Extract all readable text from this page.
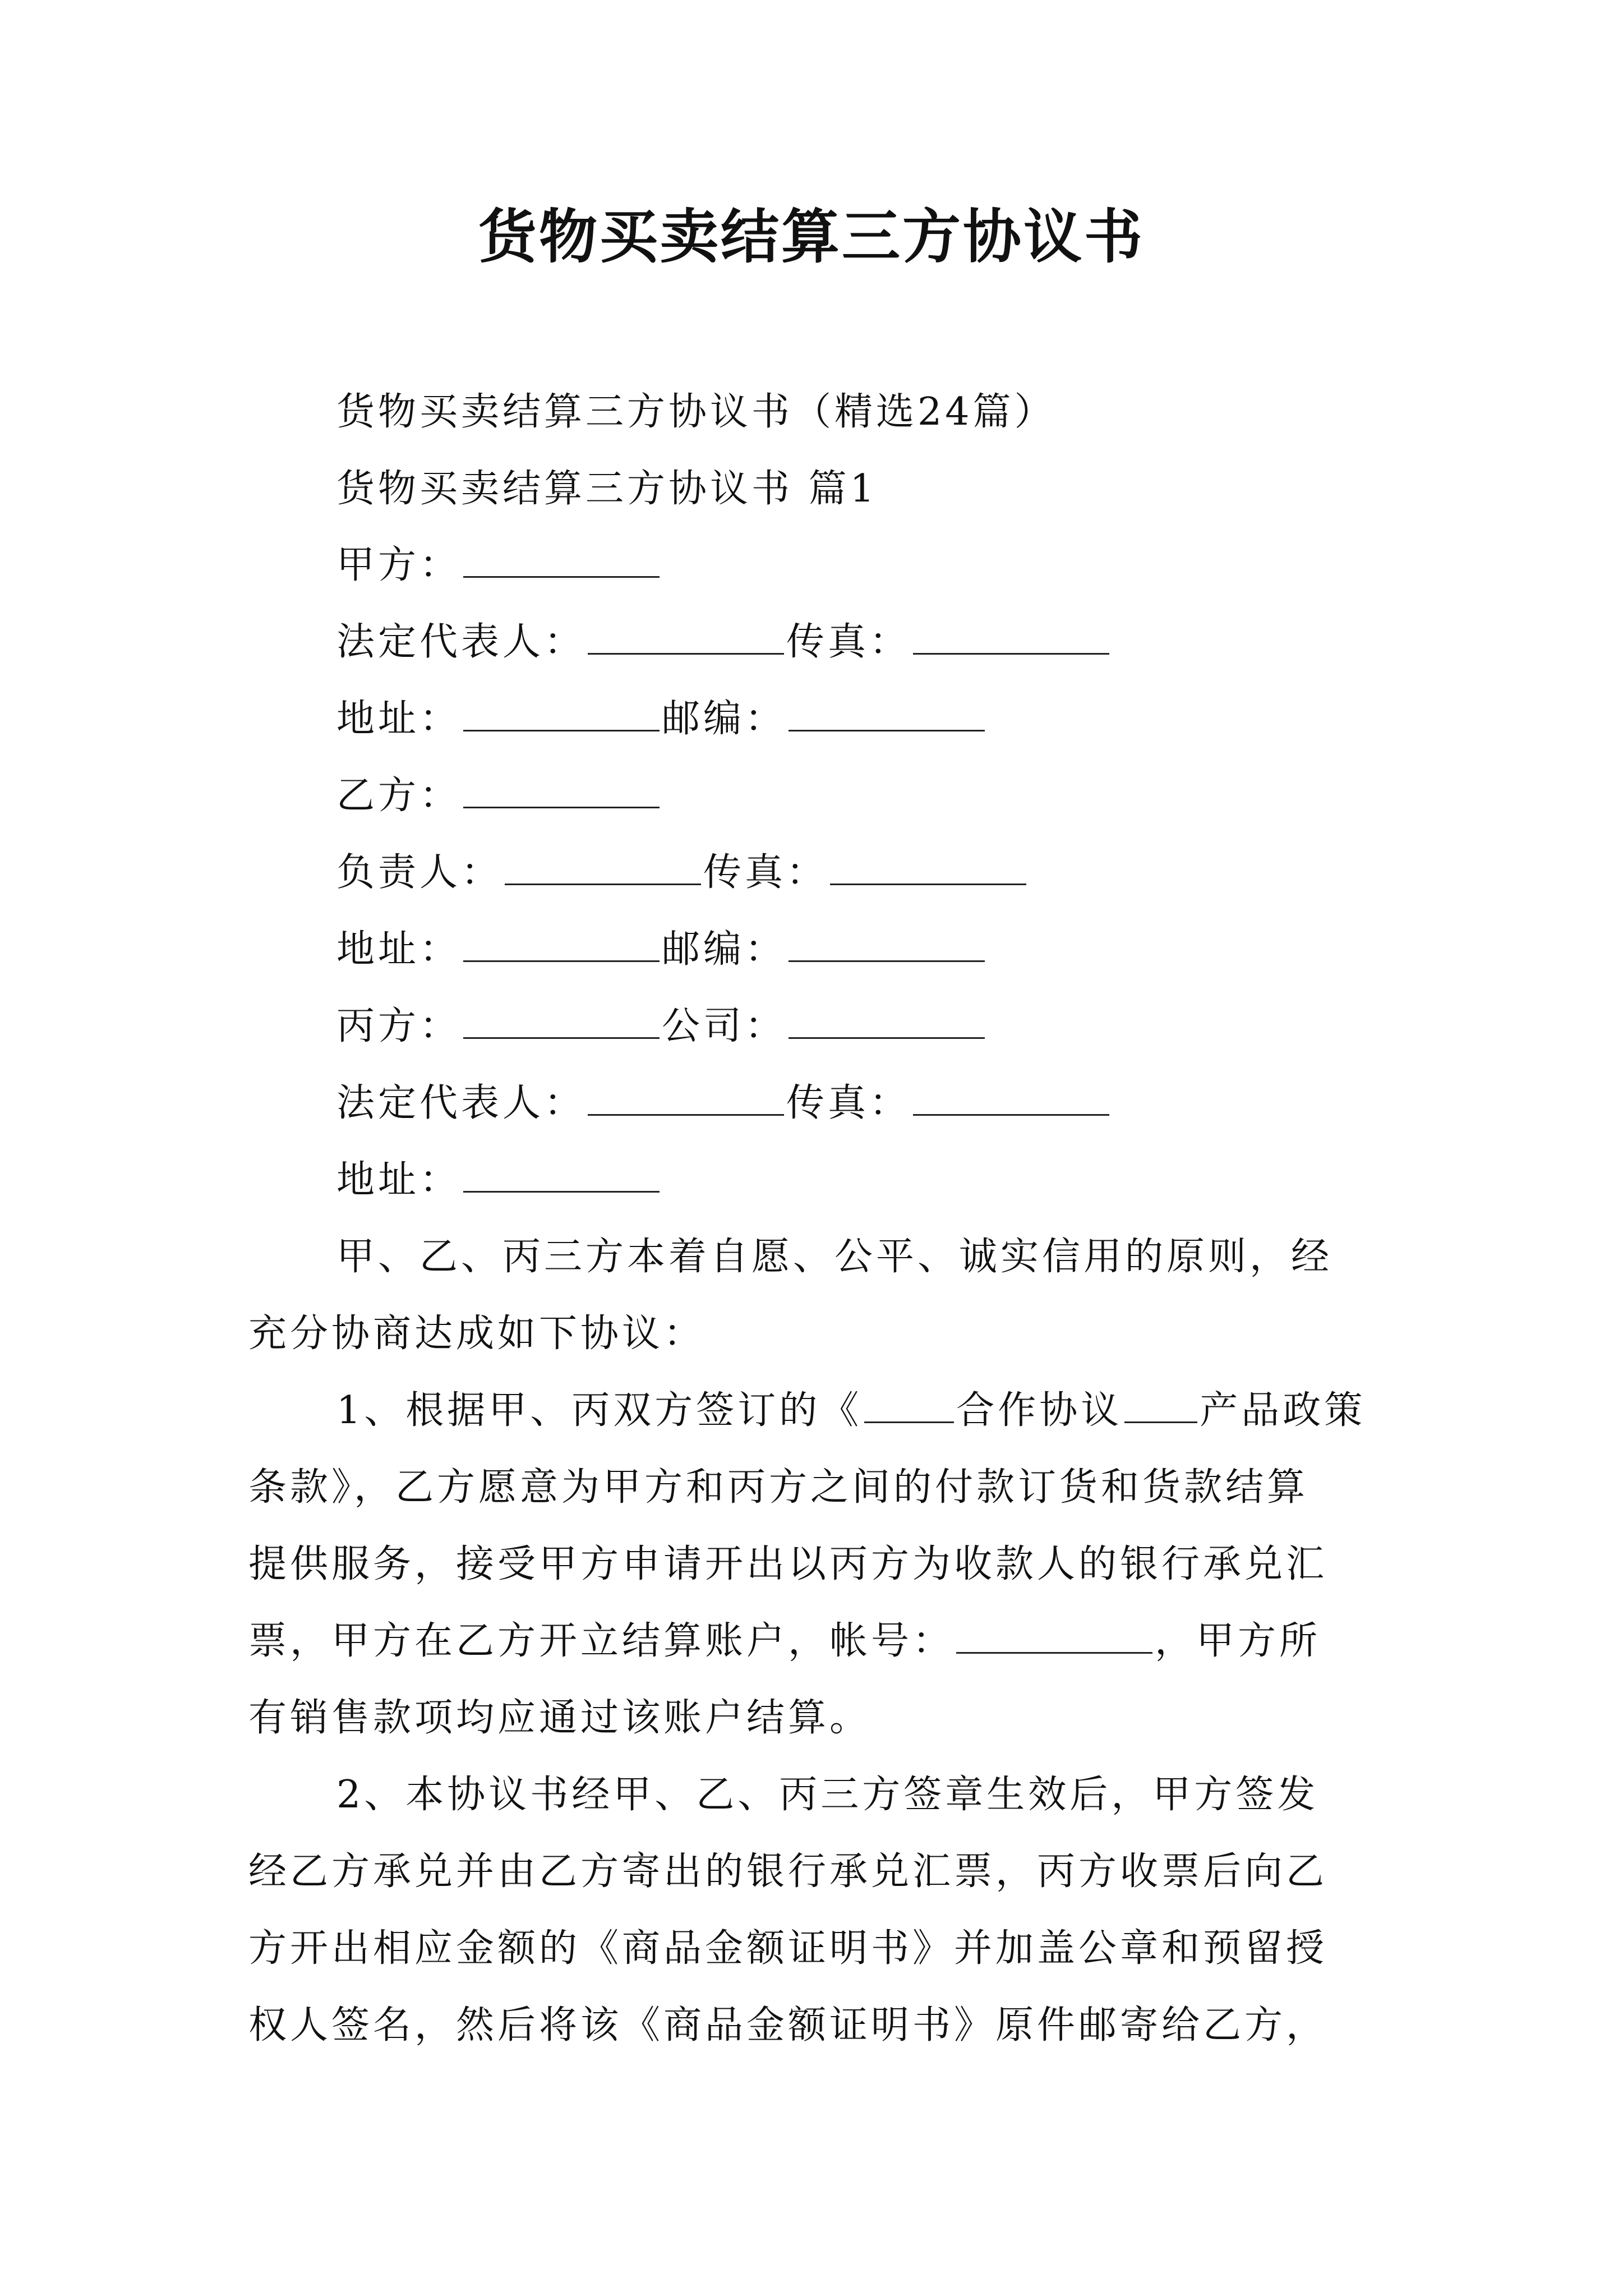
货物买卖结算三方协议书
货物买卖结算三方协议书（精选24篇）
货物买卖结算三方协议书 篇1
甲方：
法定代表人：	传真：
地址：	邮编：
乙方：
负责人：	传真：
地址：	邮编：
丙方：	公司：
法定代表人：	传真：
地址：
甲、乙、丙三方本着自愿、公平、诚实信用的原则，经
充分协商达成如下协议：
1、根据甲、丙双方签订的《 合作协议 产品政策
条款》，乙方愿意为甲方和丙方之间的付款订货和货款结算
提供服务，接受甲方申请开出以丙方为收款人的银行承兑汇
票，甲方在乙方开立结算账户，帐号：	，甲方所
有销售款项均应通过该账户结算。
2、本协议书经甲、乙、丙三方签章生效后，甲方签发
经乙方承兑并由乙方寄出的银行承兑汇票，丙方收票后向乙
方开出相应金额的《商品金额证明书》并加盖公章和预留授
权人签名，然后将该《商品金额证明书》原件邮寄给乙方，
